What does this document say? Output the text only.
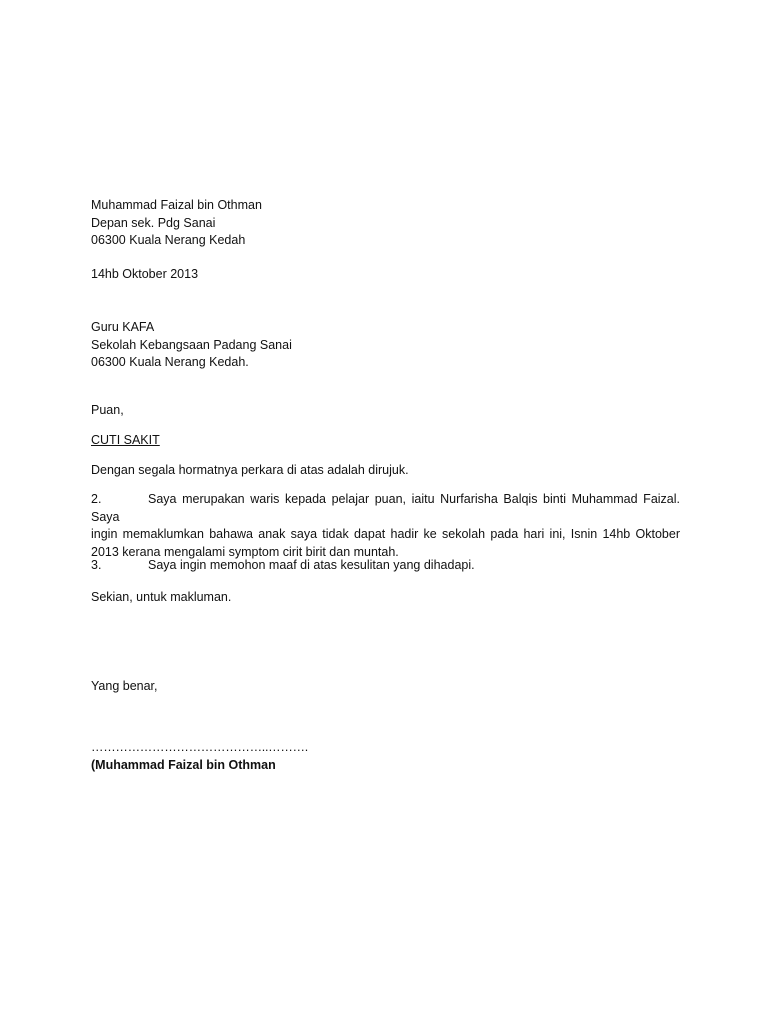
Muhammad Faizal bin Othman
Depan sek. Pdg Sanai
06300 Kuala Nerang Kedah
14hb Oktober 2013
Guru KAFA
Sekolah Kebangsaan Padang Sanai
06300 Kuala Nerang Kedah.
Puan,
CUTI SAKIT
Dengan segala hormatnya perkara di atas adalah dirujuk.
2.	Saya merupakan waris kepada pelajar puan, iaitu Nurfarisha Balqis binti Muhammad Faizal. Saya
ingin memaklumkan bahawa anak saya tidak dapat hadir ke sekolah pada hari ini, Isnin 14hb Oktober
2013 kerana mengalami symptom cirit birit dan muntah.
3.	Saya ingin memohon maaf di atas kesulitan yang dihadapi.
Sekian, untuk makluman.
Yang benar,
……………………………………..……….
(Muhammad Faizal bin Othman
